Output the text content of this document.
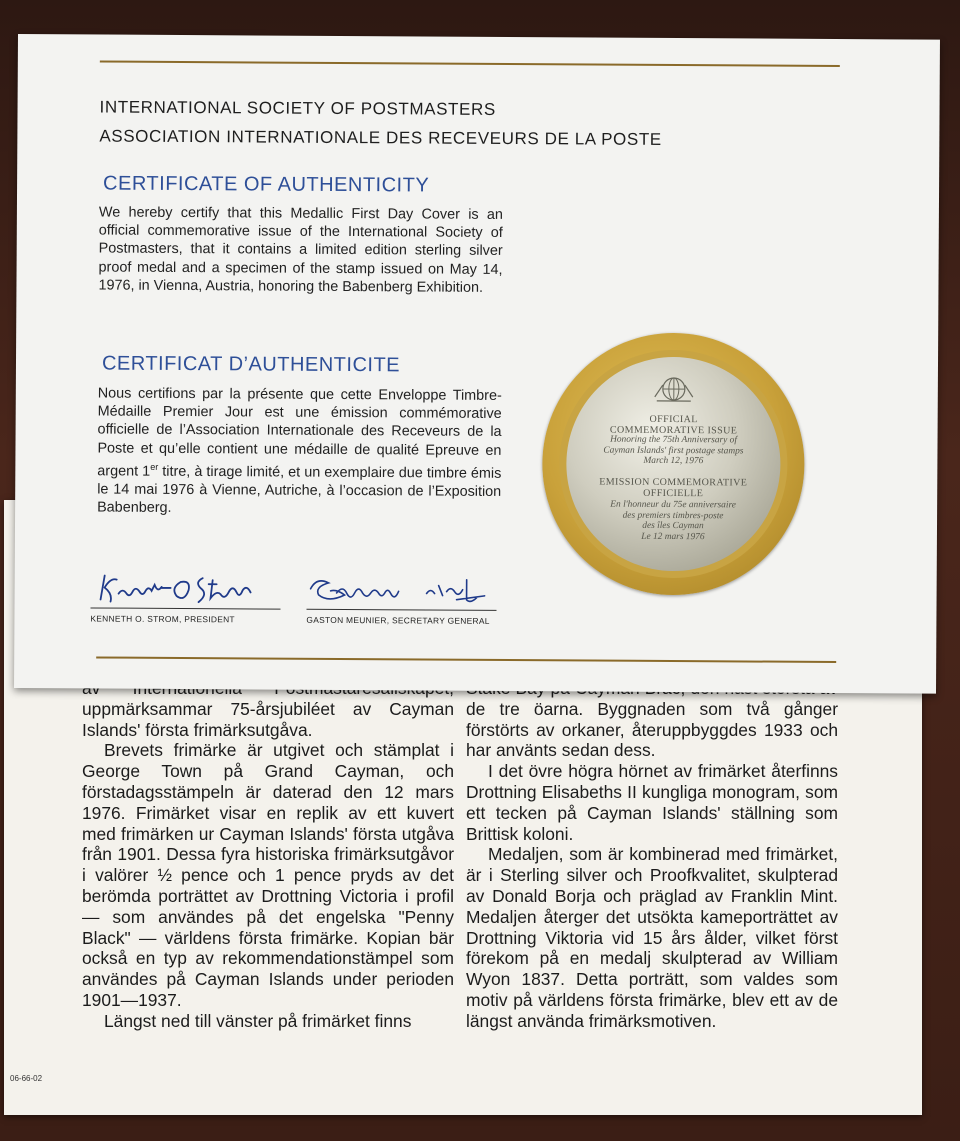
uppmärksammar 75-årsjubiléet av Cayman Islands' första frimärksutgåva.

Brevets frimärke är utgivet och stämplat i George Town på Grand Cayman, och förstadagsstämpeln är daterad den 12 mars 1976. Frimärket visar en replik av ett kuvert med frimärken ur Cayman Islands' första utgåva från 1901. Dessa fyra historiska frimärksutgåvor i valörer ½ pence och 1 pence pryds av det berömda porträttet av Drottning Victoria i profil — som användes på det engelska "Penny Black" — världens första frimärke. Kopian bär också en typ av rekommendationstämpel som användes på Cayman Islands under perioden 1901—1937.

Längst ned till vänster på frimärket finns

de tre öarna. Byggnaden som två gånger förstörts av orkaner, återuppbyggdes 1933 och har använts sedan dess.

I det övre högra hörnet av frimärket återfinns Drottning Elisabeths II kungliga monogram, som ett tecken på Cayman Islands' ställning som Brittisk koloni.

Medaljen, som är kombinerad med frimärket, är i Sterling silver och Proofkvalitet, skulpterad av Donald Borja och präglad av Franklin Mint. Medaljen återger det utsökta kameporträttet av Drottning Viktoria vid 15 års ålder, vilket först förekom på en medalj skulpterad av William Wyon 1837. Detta porträtt, som valdes som motiv på världens första frimärke, blev ett av de längst använda frimärksmotiven.

06-66-02
INTERNATIONAL SOCIETY OF POSTMASTERS
ASSOCIATION INTERNATIONALE DES RECEVEURS DE LA POSTE
CERTIFICATE OF AUTHENTICITY
We hereby certify that this Medallic First Day Cover is an official commemorative issue of the International Society of Postmasters, that it contains a limited edition sterling silver proof medal and a specimen of the stamp issued on May 14, 1976, in Vienna, Austria, honoring the Babenberg Exhibition.
CERTIFICAT D’AUTHENTICITE
Nous certifions par la présente que cette Enveloppe Timbre-Médaille Premier Jour est une émission commémorative officielle de l’Association Internationale des Receveurs de la Poste et qu’elle contient une médaille de qualité Epreuve en argent 1er titre, à tirage limité, et un exemplaire due timbre émis le 14 mai 1976 à Vienne, Autriche, à l’occasion de l’Exposition Babenberg.
KENNETH O. STROM, PRESIDENT	GASTON MEUNIER, SECRETARY GENERAL
OFFICIAL
COMMEMORATIVE ISSUE
Honoring the 75th Anniversary of
Cayman Islands' first postage stamps
March 12, 1976
EMISSION COMMEMORATIVE
OFFICIELLE
En l'honneur du 75e anniversaire
des premiers timbres-poste
des îles Cayman
Le 12 mars 1976
